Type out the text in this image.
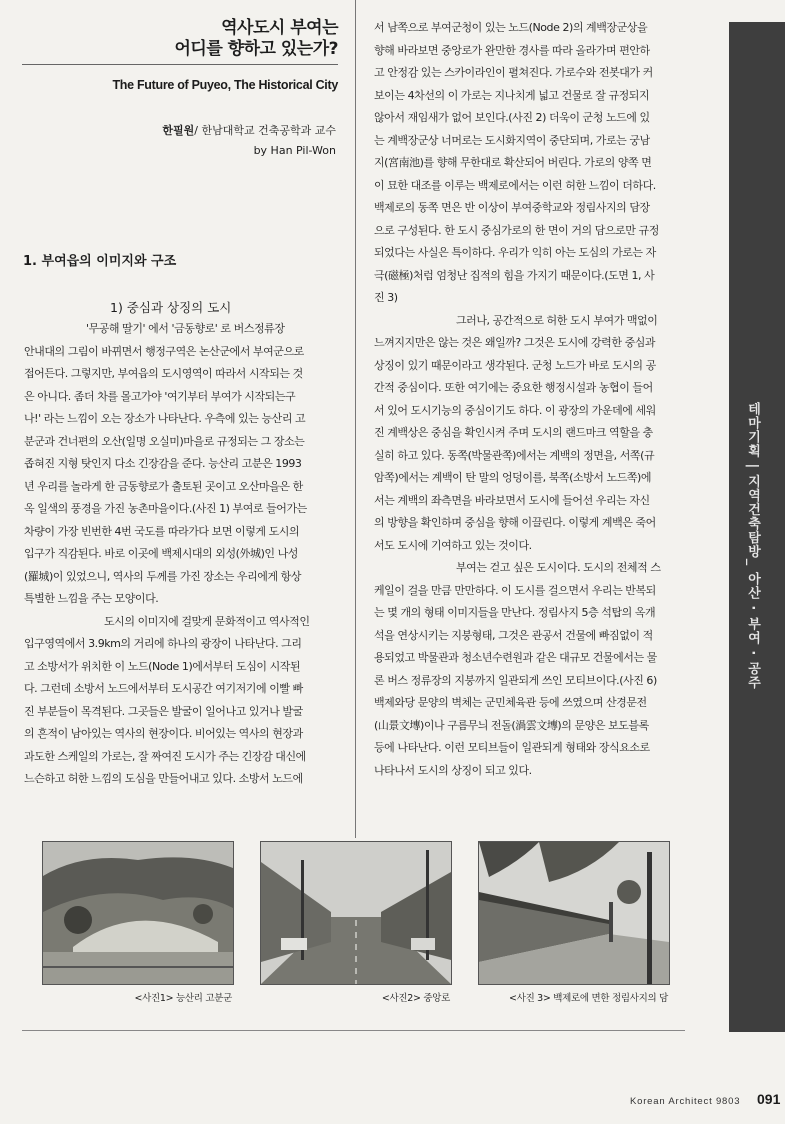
역사도시 부여는
어디를 향하고 있는가?
The Future of Puyeo, The Historical City
한필원/ 한남대학교 건축공학과 교수
by Han Pil-Won
1. 부여읍의 이미지와 구조
1) 중심과 상징의 도시
'무공해 딸기' 에서 '금동향로' 로 버스정류장
안내대의 그림이 바뀌면서 행정구역은 논산군에서 부여군으로
접어든다. 그렇지만, 부여읍의 도시영역이 따라서 시작되는 것
은 아니다. 좀더 차를 몰고가야 '여기부터 부여가 시작되는구
나!' 라는 느낌이 오는 장소가 나타난다. 우측에 있는 능산리 고
분군과 건너편의 오산(일명 오실미)마을로 규정되는 그 장소는
좁혀진 지형 탓인지 다소 긴장감을 준다. 능산리 고분은 1993
년 우리를 놀라게 한 금동향로가 출토된 곳이고 오산마을은 한
옥 일색의 풍경을 가진 농촌마을이다.(사진 1) 부여로 들어가는
차량이 가장 빈번한 4번 국도를 따라가다 보면 이렇게 도시의
입구가 직감된다. 바로 이곳에 백제시대의 외성(外城)인 나성
(羅城)이 있었으니, 역사의 두께를 가진 장소는 우리에게 항상
특별한 느낌을 주는 모양이다.
도시의 이미지에 걸맞게 문화적이고 역사적인
입구영역에서 3.9km의 거리에 하나의 광장이 나타난다. 그리
고 소방서가 위치한 이 노드(Node 1)에서부터 도심이 시작된
다. 그런데 소방서 노드에서부터 도시공간 여기저기에 이빨 빠
진 부분들이 목격된다. 그곳들은 발굴이 일어나고 있거나 발굴
의 흔적이 남아있는 역사의 현장이다. 비어있는 역사의 현장과
과도한 스케일의 가로는, 잘 짜여진 도시가 주는 긴장감 대신에
느슨하고 허한 느낌의 도심을 만들어내고 있다. 소방서 노드에
서 남쪽으로 부여군청이 있는 노드(Node 2)의 계백장군상을
향해 바라보면 중앙로가 완만한 경사를 따라 올라가며 편안하
고 안정감 있는 스카이라인이 펼쳐진다. 가로수와 전봇대가 커
보이는 4차선의 이 가로는 지나치게 넓고 건물로 잘 규정되지
않아서 재임새가 없어 보인다.(사진 2) 더욱이 군청 노드에 있
는 계백장군상 너머로는 도시화지역이 중단되며, 가로는 궁남
지(宮南池)를 향해 무한대로 확산되어 버린다. 가로의 양쪽 면
이 묘한 대조를 이루는 백제로에서는 이런 허한 느낌이 더하다.
백제로의 동쪽 면은 반 이상이 부여중학교와 정림사지의 담장
으로 구성된다. 한 도시 중심가로의 한 면이 거의 담으로만 규정
되었다는 사실은 특이하다. 우리가 익히 아는 도심의 가로는 자
극(磁極)처럼 엄청난 집적의 힘을 가지기 때문이다.(도면 1, 사
진 3)
그러나, 공간적으로 허한 도시 부여가 맥없이
느껴지지만은 않는 것은 왜일까? 그것은 도시에 강력한 중심과
상징이 있기 때문이라고 생각된다. 군청 노드가 바로 도시의 공
간적 중심이다. 또한 여기에는 중요한 행정시설과 농협이 들어
서 있어 도시기능의 중심이기도 하다. 이 광장의 가운데에 세워
진 계백상은 중심을 확인시켜 주며 도시의 랜드마크 역할을 충
실히 하고 있다. 동쪽(박물관쪽)에서는 계백의 정면을, 서쪽(규
암쪽)에서는 계백이 탄 말의 엉덩이를, 북쪽(소방서 노드쪽)에
서는 계백의 좌측면을 바라보면서 도시에 들어선 우리는 자신
의 방향을 확인하며 중심을 향해 이끌린다. 이렇게 계백은 죽어
서도 도시에 기여하고 있는 것이다.
부여는 걷고 싶은 도시이다. 도시의 전체적 스
케일이 걸을 만큼 만만하다. 이 도시를 걸으면서 우리는 반복되
는 몇 개의 형태 이미지들을 만난다. 정림사지 5층 석탑의 옥개
석을 연상시키는 지붕형태, 그것은 관공서 건물에 빠짐없이 적
용되었고 박물관과 청소년수련원과 같은 대규모 건물에서는 물
론 버스 정류장의 지붕까지 일관되게 쓰인 모티브이다.(사진 6)
백제와당 문양의 벽체는 군민체육관 등에 쓰였으며 산경문전
(山景文塼)이나 구름무늬 전돌(渦雲文塼)의 문양은 보도블록
등에 나타난다. 이런 모티브들이 일관되게 형태와 장식요소로
나타나서 도시의 상징이 되고 있다.
테마기획 | 지역건축탐방_ 아산 · 부여 · 공주
<사진1> 능산리 고분군	<사진2> 중앙로	<사진 3> 백제로에 면한 정림사지의 담
Korean Architect 9803 091
